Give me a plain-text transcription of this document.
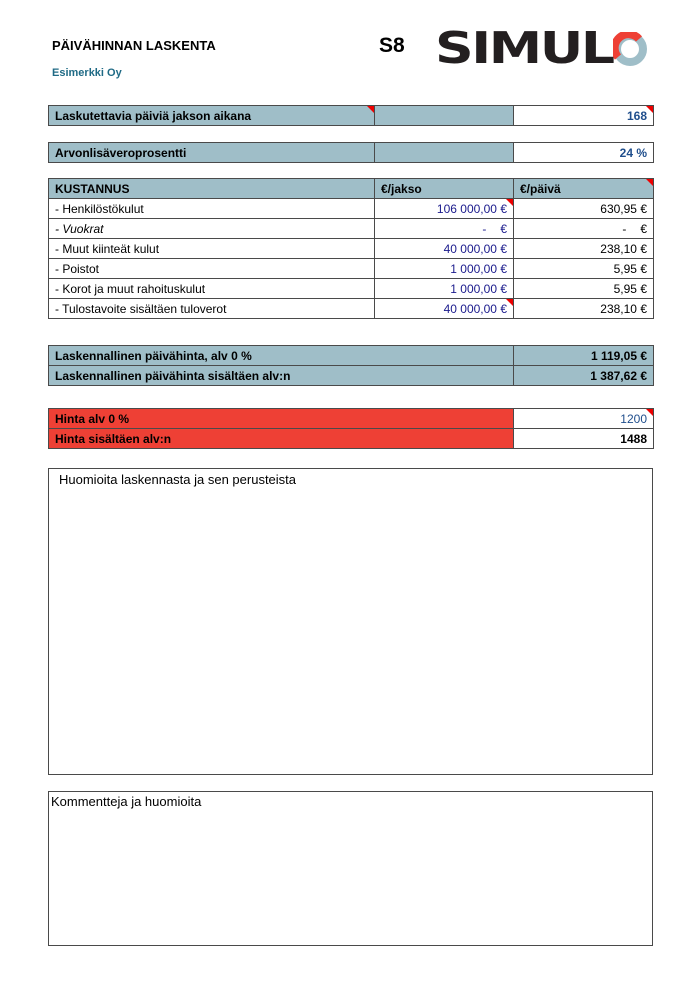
PÄIVÄHINNAN LASKENTA
Esimerkki Oy
S8 SIMUL
Laskutettavia päiviä jakson aikana		168
Arvonlisäveroprosentti		24 %
KUSTANNUS	€/jakso	€/päivä
- Henkilöstökulut	106 000,00 €	630,95 €
- Vuokrat	- €	- €

- Muut kiinteät kulut	40 000,00 €	238,10 €
- Poistot	1 000,00 €	5,95 €
- Korot ja muut rahoituskulut	1 000,00 €	5,95 €
- Tulostavoite sisältäen tuloverot	40 000,00 €	238,10 €
Laskennallinen päivähinta, alv 0 %	1 119,05 €
Laskennallinen päivähinta sisältäen alv:n	1 387,62 €
Hinta alv 0 %	1200
Hinta sisältäen alv:n	1488
Huomioita laskennasta ja sen perusteista
Kommentteja ja huomioita
